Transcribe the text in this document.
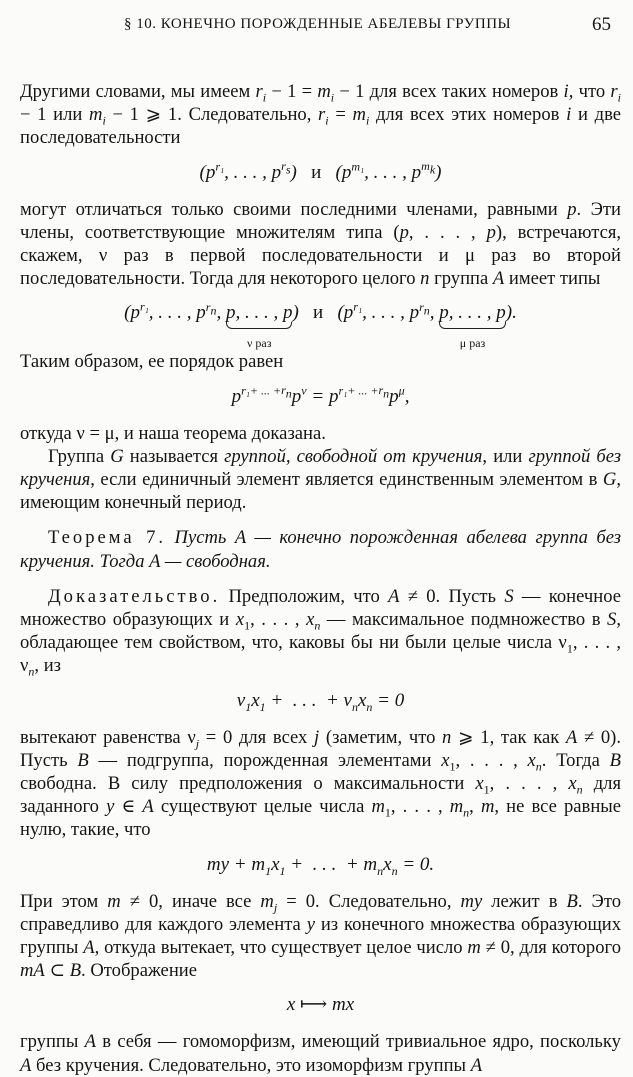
§ 10. КОНЕЧНО ПОРОЖДЕННЫЕ АБЕЛЕВЫ ГРУППЫ	65

Другими словами, мы имеем $r_i - 1 = m_i - 1$ для всех таких номеров i, что $r_i - 1$ или $m_i - 1$ ⩾ 1. Следовательно, $r_i = m_i$ для всех этих номеров i и две последовательности

($p^{r_1}$, . . . , $p^{r_s}$)   и   ($p^{m_1}$, . . . , $p^{m_k}$)

могут отличаться только своими последними членами, равными p. Эти члены, соответствующие множителям типа (p, . . . , p), встречаются, скажем, ν раз в первой последовательности и μ раз во второй последовательности. Тогда для некоторого целого n группа A имеет типы

($p^{r_1}$, . . . , $p^{r_n}$, p, . . . , p
ν раз
)   и   ($p^{r_1}$, . . . , $p^{r_n}$, p, . . . , p
μ раз
).

Таким образом, ее порядок равен

$p^{r_1+ ... +r_n}p^\nu = p^{r_1+ ... +r_n}p^\mu$,

откуда ν = μ, и наша теорема доказана.

Группа G называется группой, свободной от кручения, или группой без кручения, если единичный элемент является единственным элементом в G, имеющим конечный период.

Теорема 7. Пусть A — конечно порожденная абелева группа без кручения. Тогда A — свободная.

Доказательство. Предположим, что A ≠ 0. Пусть S — конечное множество образующих и $x_1$, . . . , $x_n$ — максимальное подмножество в S, обладающее тем свойством, что, каковы бы ни были целые числа $\nu_1$, . . . , $\nu_n$, из

$\nu_1x_1$ +  . . .  + $\nu_nx_n = 0$

вытекают равенства $\nu_j = 0$ для всех j (заметим, что n ⩾ 1, так как A ≠ 0). Пусть B — подгруппа, порожденная элементами $x_1$, . . . , $x_n$. Тогда B свободна. В силу предположения о максимальности $x_1$, . . . , $x_n$ для заданного y ∈ A существуют целые числа $m_1$, . . . , $m_n$, m, не все равные нулю, такие, что

my + $m_1x_1$ +  . . .  + $m_nx_n = 0$.

При этом m ≠ 0, иначе все $m_j = 0$. Следовательно, my лежит в B. Это справедливо для каждого элемента y из конечного множества образующих группы A, откуда вытекает, что существует целое число m ≠ 0, для которого mA ⊂ B. Отображение

x ⟼ mx

группы A в себя — гомоморфизм, имеющий тривиальное ядро, поскольку A без кручения. Следовательно, это изоморфизм группы A
